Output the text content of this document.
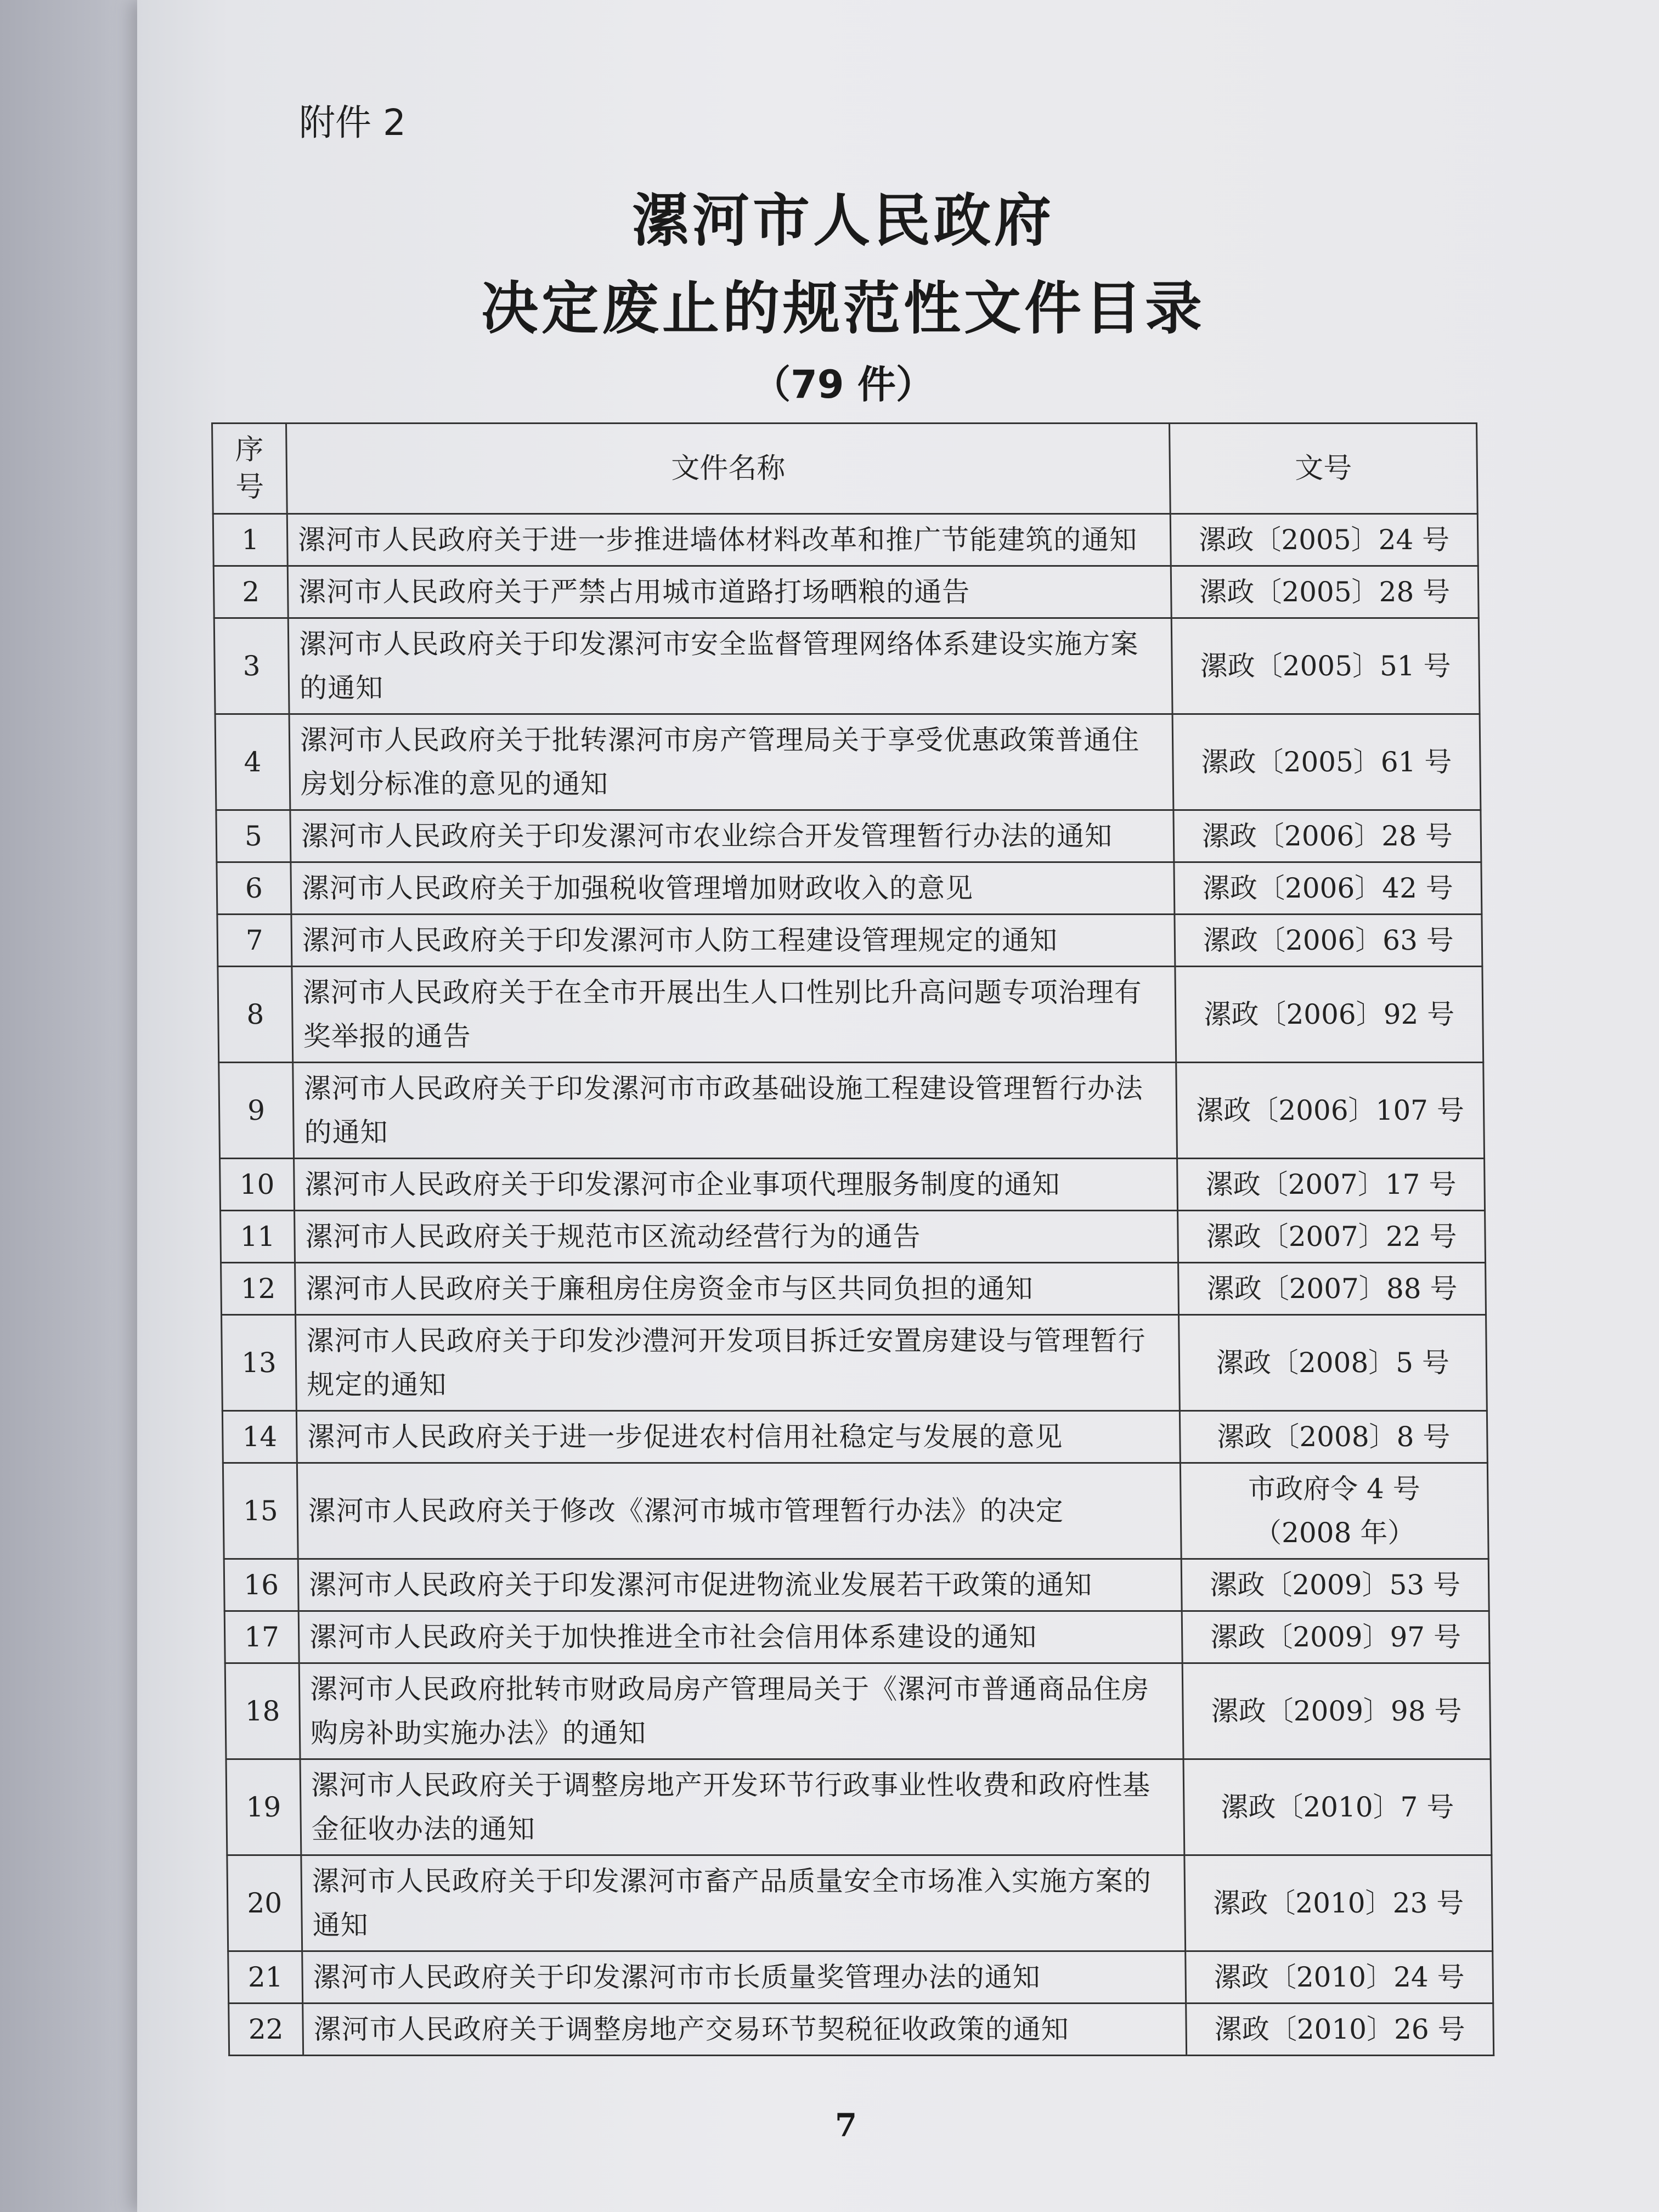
附件 2
漯河市人民政府
决定废止的规范性文件目录
（79 件）
序
号	文件名称	文号
1	漯河市人民政府关于进一步推进墙体材料改革和推广节能建筑的通知	漯政〔2005〕24 号
2	漯河市人民政府关于严禁占用城市道路打场晒粮的通告	漯政〔2005〕28 号
3	漯河市人民政府关于印发漯河市安全监督管理网络体系建设实施方案的通知	漯政〔2005〕51 号
4	漯河市人民政府关于批转漯河市房产管理局关于享受优惠政策普通住房划分标准的意见的通知	漯政〔2005〕61 号
5	漯河市人民政府关于印发漯河市农业综合开发管理暂行办法的通知	漯政〔2006〕28 号
6	漯河市人民政府关于加强税收管理增加财政收入的意见	漯政〔2006〕42 号
7	漯河市人民政府关于印发漯河市人防工程建设管理规定的通知	漯政〔2006〕63 号
8	漯河市人民政府关于在全市开展出生人口性别比升高问题专项治理有奖举报的通告	漯政〔2006〕92 号
9	漯河市人民政府关于印发漯河市市政基础设施工程建设管理暂行办法的通知	漯政〔2006〕107 号
10	漯河市人民政府关于印发漯河市企业事项代理服务制度的通知	漯政〔2007〕17 号
11	漯河市人民政府关于规范市区流动经营行为的通告	漯政〔2007〕22 号
12	漯河市人民政府关于廉租房住房资金市与区共同负担的通知	漯政〔2007〕88 号
13	漯河市人民政府关于印发沙澧河开发项目拆迁安置房建设与管理暂行规定的通知	漯政〔2008〕5 号
14	漯河市人民政府关于进一步促进农村信用社稳定与发展的意见	漯政〔2008〕8 号
15	漯河市人民政府关于修改《漯河市城市管理暂行办法》的决定	市政府令 4 号
（2008 年）
16	漯河市人民政府关于印发漯河市促进物流业发展若干政策的通知	漯政〔2009〕53 号
17	漯河市人民政府关于加快推进全市社会信用体系建设的通知	漯政〔2009〕97 号
18	漯河市人民政府批转市财政局房产管理局关于《漯河市普通商品住房购房补助实施办法》的通知	漯政〔2009〕98 号
19	漯河市人民政府关于调整房地产开发环节行政事业性收费和政府性基金征收办法的通知	漯政〔2010〕7 号
20	漯河市人民政府关于印发漯河市畜产品质量安全市场准入实施方案的通知	漯政〔2010〕23 号
21	漯河市人民政府关于印发漯河市市长质量奖管理办法的通知	漯政〔2010〕24 号
22	漯河市人民政府关于调整房地产交易环节契税征收政策的通知	漯政〔2010〕26 号
7
